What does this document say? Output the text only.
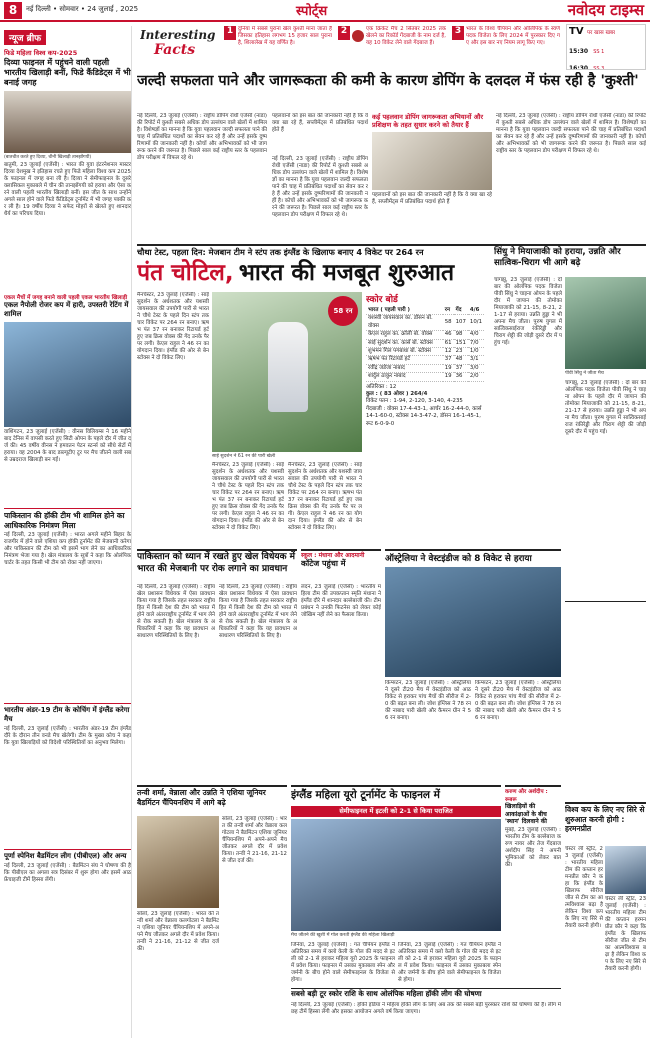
8	नई दिल्ली • सोमवार • 24 जुलाई , 2025	स्पोर्ट्स	नवोदय टाइम्स
Interesting
Facts
1 दुनिया में सबसे पुराना खेल कुश्ती माना जाता है जिसका इतिहास लगभग 15 हजार साल पुराना है, शिलालेख में यह वर्णित है।
2	एक क्रिकेट मैच 2 सितंबर 2025 तक खेलने का रिकॉर्ड गेंदबाजी के नाम दर्ज है, यह 10 विकेट लेने वाले गेंदबाज हैं।
3 भारत के विश्व चैंपियन और ओलिंपिक के स्वर्ण पदक विजेता के लिए 2024 में पुरस्कार दिए गए और इस बार नए नियम लागू किए गए।
TV पर खास खबर
15:30 SS 1
16:30 SS 3
न्यूज ब्रीफ
फिडे महिला विश्व कप-2025
दिव्या फाइनल में पहुंचने वाली पहली भारतीय खिलाड़ी बनीं, फिडे कैंडिडेट्स में भी बनाई जगह
(बातचीत करते हुए दिव्या, चीनी खिलाड़ी तानझोंगयी)
बातुमी, 23 जुलाई (एजेंसी) : भारत की युवा इंटरनेशनल मास्टर दिव्या देशमुख ने इतिहास रचते हुए फिडे महिला विश्व कप 2025 के फाइनल में जगह बना ली है। दिव्या ने सेमीफाइनल के दूसरे क्लासिकल मुकाबले में चीन की तानझोंगयी को हराया और ऐसा करने वाली पहली भारतीय खिलाड़ी बनीं। इस जीत के साथ उन्होंने अगले साल होने वाले फिडे कैंडिडेट्स टूर्नामेंट में भी जगह पक्की कर ली है। 19 वर्षीय दिव्या ने सफेद मोहरों से खेलते हुए शानदार धैर्य का परिचय दिया।
एकल मैचों में जगह बनाने वाली पहली एकल भारतीय खिलाड़ी
एकल नैपोली रोजर कप में हारी, उपस्तरी रेटिंग में शामिल
वाशिंगटन, 23 जुलाई (एजेंसी) : वीनस विलियम्स ने 16 महीने बाद टेनिस में वापसी करते हुए सिटी ओपन के पहले दौर में जीत दर्ज की। 45 वर्षीय वीनस ने हमवतन पेटन स्टर्न्स को सीधे सेटों में हराया। वह 2004 के बाद डब्ल्यूटीए टूर पर मैच जीतने वाली सबसे उम्रदराज खिलाड़ी बन गईं।
पाकिस्तान की हॉकी टीम भी शामिल होने का आधिकारिक निमंत्रण मिला
नई दिल्ली, 23 जुलाई (एजेंसी) : भारत अगले महीने बिहार के राजगीर में होने वाले एशिया कप हॉकी टूर्नामेंट की मेजबानी करेगा और पाकिस्तान की टीम को भी इसमें भाग लेने का आधिकारिक निमंत्रण भेजा गया है। खेल मंत्रालय के सूत्रों ने कहा कि ओलंपिक चार्टर के तहत किसी भी टीम को रोका नहीं जाएगा।
भारतीय अंडर-19 टीम के कोचिंग में इंग्लैंड करेगा मैच
नई दिल्ली, 23 जुलाई (एजेंसी) : भारतीय अंडर-19 टीम इंग्लैंड दौरे के दौरान तीन वनडे मैच खेलेगी। टीम के मुख्य कोच ने कहा कि युवा खिलाड़ियों को विदेशी परिस्थितियों का अनुभव मिलेगा।
पूर्णा स्पेनिश बैडमिंटन लीग (पीबीएल) और अन्य
नई दिल्ली, 23 जुलाई (एजेंसी) : बैडमिंटन संघ ने घोषणा की है कि पीबीएल का अगला सत्र दिसंबर में शुरू होगा और इसमें आठ फ्रेंचाइजी टीमें हिस्सा लेंगी।
जल्दी सफलता पाने और जागरूकता की कमी के कारण डोपिंग के दलदल में फंस रही है 'कुश्ती'
नई दिल्ली, 23 जुलाई (एजेंसी) : राष्ट्रीय डोपिंग रोधी एजेंसी (नाडा) की रिपोर्ट में कुश्ती सबसे अधिक डोप उल्लंघन वाले खेलों में शामिल है। विशेषज्ञों का मानना है कि युवा पहलवान जल्दी सफलता पाने की चाह में प्रतिबंधित पदार्थों का सेवन कर रहे हैं और उन्हें इसके दुष्परिणामों की जानकारी नहीं है। कोचों और अभिभावकों को भी जागरूक करने की जरूरत है। पिछले साल कई राष्ट्रीय स्तर के पहलवान डोप परीक्षण में विफल रहे थे।
पहलवानों को इस बात की जानकारी नहीं है कि वे क्या खा रहे हैं, सप्लीमेंट्स में प्रतिबंधित पदार्थ होते हैं
नई दिल्ली, 23 जुलाई (एजेंसी) : राष्ट्रीय डोपिंग रोधी एजेंसी (नाडा) की रिपोर्ट में कुश्ती सबसे अधिक डोप उल्लंघन वाले खेलों में शामिल है। विशेषज्ञों का मानना है कि युवा पहलवान जल्दी सफलता पाने की चाह में प्रतिबंधित पदार्थों का सेवन कर रहे हैं और उन्हें इसके दुष्परिणामों की जानकारी नहीं है। कोचों और अभिभावकों को भी जागरूक करने की जरूरत है। पिछले साल कई राष्ट्रीय स्तर के पहलवान डोप परीक्षण में विफल रहे थे।
कई पहलवान डोपिंग जागरूकता अभियानों और प्रशिक्षण के तहत सुधार करने को तैयार हैं
पहलवानों को इस बात की जानकारी नहीं है कि वे क्या खा रहे हैं, सप्लीमेंट्स में प्रतिबंधित पदार्थ होते हैं
नई दिल्ली, 23 जुलाई (एजेंसी) : राष्ट्रीय डोपिंग रोधी एजेंसी (नाडा) की रिपोर्ट में कुश्ती सबसे अधिक डोप उल्लंघन वाले खेलों में शामिल है। विशेषज्ञों का मानना है कि युवा पहलवान जल्दी सफलता पाने की चाह में प्रतिबंधित पदार्थों का सेवन कर रहे हैं और उन्हें इसके दुष्परिणामों की जानकारी नहीं है। कोचों और अभिभावकों को भी जागरूक करने की जरूरत है। पिछले साल कई राष्ट्रीय स्तर के पहलवान डोप परीक्षण में विफल रहे थे।
चौथा टेस्ट, पहला दिन: मेजबान टीम ने स्टंप तक इंग्लैंड के खिलाफ बनाए 4 विकेट पर 264 रन
पंत चोटिल, भारत की मजबूत शुरुआत
मैनचेस्टर, 23 जुलाई (एजेंसी) : साई सुदर्शन के अर्धशतक और यशस्वी जायसवाल की उपयोगी पारी से भारत ने चौथे टेस्ट के पहले दिन स्टंप तक चार विकेट पर 264 रन बनाए। ऋषभ पंत 37 रन बनाकर रिटायर्ड हर्ट हुए जब क्रिस वोक्स की गेंद उनके पैर पर लगी। केएल राहुल ने 46 रन का योगदान दिया। इंग्लैंड की ओर से बेन स्टोक्स ने दो विकेट लिए।
58 रन
साई सुदर्शन ने 61 रन की पारी खेली
मैनचेस्टर, 23 जुलाई (एजेंसी) : साई सुदर्शन के अर्धशतक और यशस्वी जायसवाल की उपयोगी पारी से भारत ने चौथे टेस्ट के पहले दिन स्टंप तक चार विकेट पर 264 रन बनाए। ऋषभ पंत 37 रन बनाकर रिटायर्ड हर्ट हुए जब क्रिस वोक्स की गेंद उनके पैर पर लगी। केएल राहुल ने 46 रन का योगदान दिया। इंग्लैंड की ओर से बेन स्टोक्स ने दो विकेट लिए।
मैनचेस्टर, 23 जुलाई (एजेंसी) : साई सुदर्शन के अर्धशतक और यशस्वी जायसवाल की उपयोगी पारी से भारत ने चौथे टेस्ट के पहले दिन स्टंप तक चार विकेट पर 264 रन बनाए। ऋषभ पंत 37 रन बनाकर रिटायर्ड हर्ट हुए जब क्रिस वोक्स की गेंद उनके पैर पर लगी। केएल राहुल ने 46 रन का योगदान दिया। इंग्लैंड की ओर से बेन स्टोक्स ने दो विकेट लिए।
स्कोर बोर्ड
भारत ( पहली पारी )	रन	गेंद	4/6
यशस्वी जायसवाल का. डॉसन बो. वोक्स	58	107	10/1
केएल राहुल का. क्रॉली बो. वोक्स	46	98	4/0
साई सुदर्शन का. कार्स बो. स्टोक्स	61	151	7/0
शुभमन गिल पगबाधा बो. स्टोक्स	12	23	1/0
ऋषभ पंत रिटायर्ड हर्ट	37	48	3/1
रवींद्र जडेजा नाबाद	19	37	3/0
शार्दुल ठाकुर नाबाद	19	36	2/0
अतिरिक्त : 12
कुल : ( 83 ओवर ) 264/4
विकेट पतन : 1-94, 2-120, 3-140, 4-235
गेंदबाजी : वोक्स 17-4-43-1, आर्चर 16-2-44-0, कार्स 14-1-60-0, स्टोक्स 14-3-47-2, डॉसन 16-1-45-1, रूट 6-0-9-0
सिंधु ने मियाजाकी को हराया, उन्नति और सात्विक-चिराग भी आगे बढ़े
चांगझू, 23 जुलाई (एजेंसी) : दो बार की ओलंपिक पदक विजेता पीवी सिंधु ने चाइना ओपन के पहले दौर में जापान की तोमोका मियाजाकी को 21-15, 8-21, 21-17 से हराया। उन्नति हुड्डा ने भी अपना मैच जीता। पुरुष युगल में सात्विकसाईराज रंकीरेड्डी और चिराग शेट्टी की जोड़ी दूसरे दौर में पहुंच गई।
पीवी सिंधु ने जीता मैच
चांगझू, 23 जुलाई (एजेंसी) : दो बार की ओलंपिक पदक विजेता पीवी सिंधु ने चाइना ओपन के पहले दौर में जापान की तोमोका मियाजाकी को 21-15, 8-21, 21-17 से हराया। उन्नति हुड्डा ने भी अपना मैच जीता। पुरुष युगल में सात्विकसाईराज रंकीरेड्डी और चिराग शेट्टी की जोड़ी दूसरे दौर में पहुंच गई।
पाकिस्तान को ध्यान में रखते हुए खेल विधेयक में भारत की मेजबानी पर रोक लगाने का प्रावधान
नई दिल्ली, 23 जुलाई (एजेंसी) : राष्ट्रीय खेल प्रशासन विधेयक में ऐसा प्रावधान किया गया है जिसके तहत सरकार राष्ट्रीय हित में किसी देश की टीम को भारत में होने वाले अंतरराष्ट्रीय टूर्नामेंट में भाग लेने से रोक सकती है। खेल मंत्रालय के अधिकारियों ने कहा कि यह प्रावधान असाधारण परिस्थितियों के लिए है।
नई दिल्ली, 23 जुलाई (एजेंसी) : राष्ट्रीय खेल प्रशासन विधेयक में ऐसा प्रावधान किया गया है जिसके तहत सरकार राष्ट्रीय हित में किसी देश की टीम को भारत में होने वाले अंतरराष्ट्रीय टूर्नामेंट में भाग लेने से रोक सकती है। खेल मंत्रालय के अधिकारियों ने कहा कि यह प्रावधान असाधारण परिस्थितियों के लिए है।
स्कूल : मंधाना और आदमानी
कॉटेज पहुंचा में
लंदन, 23 जुलाई (एजेंसी) : भारतीय महिला टीम की उपकप्तान स्मृति मंधाना ने इंग्लैंड दौरे में शानदार बल्लेबाजी की। टीम प्रबंधन ने उनकी फिटनेस को लेकर कोई जोखिम नहीं लेने का फैसला किया।
ऑस्ट्रेलिया ने वेस्टइंडीज को 8 विकेट से हराया
किंग्सटन, 23 जुलाई (एजेंसी) : ऑस्ट्रेलिया ने दूसरे टी20 मैच में वेस्टइंडीज को आठ विकेट से हराकर पांच मैचों की सीरीज में 2-0 की बढ़त बना ली। जोश इंग्लिस ने 78 रन की नाबाद पारी खेली और कैमरन ग्रीन ने 56 रन बनाए।
किंग्सटन, 23 जुलाई (एजेंसी) : ऑस्ट्रेलिया ने दूसरे टी20 मैच में वेस्टइंडीज को आठ विकेट से हराकर पांच मैचों की सीरीज में 2-0 की बढ़त बना ली। जोश इंग्लिस ने 78 रन की नाबाद पारी खेली और कैमरन ग्रीन ने 56 रन बनाए।
तन्वी शर्मा, वेन्नाला और उन्नति ने एशिया जूनियर बैडमिंटन चैंपियनशिप में आगे बढ़े
सोलो, 23 जुलाई (एजेंसी) : भारत की तन्वी शर्मा और वेन्नाला कलगोटला ने बैडमिंटन एशिया जूनियर चैंपियनशिप में अपने-अपने मैच जीतकर अगले दौर में प्रवेश किया। तन्वी ने 21-16, 21-12 से जीत दर्ज की।
सोलो, 23 जुलाई (एजेंसी) : भारत की तन्वी शर्मा और वेन्नाला कलगोटला ने बैडमिंटन एशिया जूनियर चैंपियनशिप में अपने-अपने मैच जीतकर अगले दौर में प्रवेश किया। तन्वी ने 21-16, 21-12 से जीत दर्ज की।
इंग्लैंड महिला यूरो टूर्नामेंट के फाइनल में
सेमीफाइनल में इटली को 2-1 से किया पराजित
मैच जीतने की खुशी में गोल करती इंग्लैंड की महिला खिलाड़ी
जिनेवा, 23 जुलाई (एजेंसी) : गत चैंपियन इंग्लैंड ने अतिरिक्त समय में क्लो केली के गोल की मदद से इटली को 2-1 से हराकर महिला यूरो 2025 के फाइनल में प्रवेश किया। फाइनल में उसका मुकाबला स्पेन और जर्मनी के बीच होने वाले सेमीफाइनल के विजेता से होगा।
जिनेवा, 23 जुलाई (एजेंसी) : गत चैंपियन इंग्लैंड ने अतिरिक्त समय में क्लो केली के गोल की मदद से इटली को 2-1 से हराकर महिला यूरो 2025 के फाइनल में प्रवेश किया। फाइनल में उसका मुकाबला स्पेन और जर्मनी के बीच होने वाले सेमीफाइनल के विजेता से होगा।
सबसे बड़ी टूर स्कोर राशि के साथ ओलंपिक महिला हॉकी लीग की घोषणा
नई दिल्ली, 23 जुलाई (एजेंसी) : हॉकी इंडिया ने महिला हॉकी लीग के लिए अब तक की सबसे बड़ी पुरस्कार राशि की घोषणा की है। लीग में छह टीमें हिस्सा लेंगी और इसका आयोजन अगले वर्ष किया जाएगा।
करुण और अर्शदीप : रूबरू
खिलाड़ियों की आकांक्षाओं के बीच 'स्थान' दिलवाने की
मुंबई, 23 जुलाई (एजेंसी) : भारतीय टीम के बल्लेबाज करुण नायर और तेज गेंदबाज अर्शदीप सिंह ने अपनी भूमिकाओं को लेकर बात की।
विश्व कप के लिए नए सिरे से शुरुआत करनी होगी : हरमनप्रीत
चेस्टर ली स्ट्रीट, 23 जुलाई (एजेंसी) : भारतीय महिला टीम की कप्तान हरमनप्रीत कौर ने कहा कि इंग्लैंड के खिलाफ सीरीज जीत से टीम का आत्मविश्वास बढ़ा है लेकिन विश्व कप के लिए नए सिरे से तैयारी करनी होगी।
चेस्टर ली स्ट्रीट, 23 जुलाई (एजेंसी) : भारतीय महिला टीम की कप्तान हरमनप्रीत कौर ने कहा कि इंग्लैंड के खिलाफ सीरीज जीत से टीम का आत्मविश्वास बढ़ा है लेकिन विश्व कप के लिए नए सिरे से तैयारी करनी होगी।
